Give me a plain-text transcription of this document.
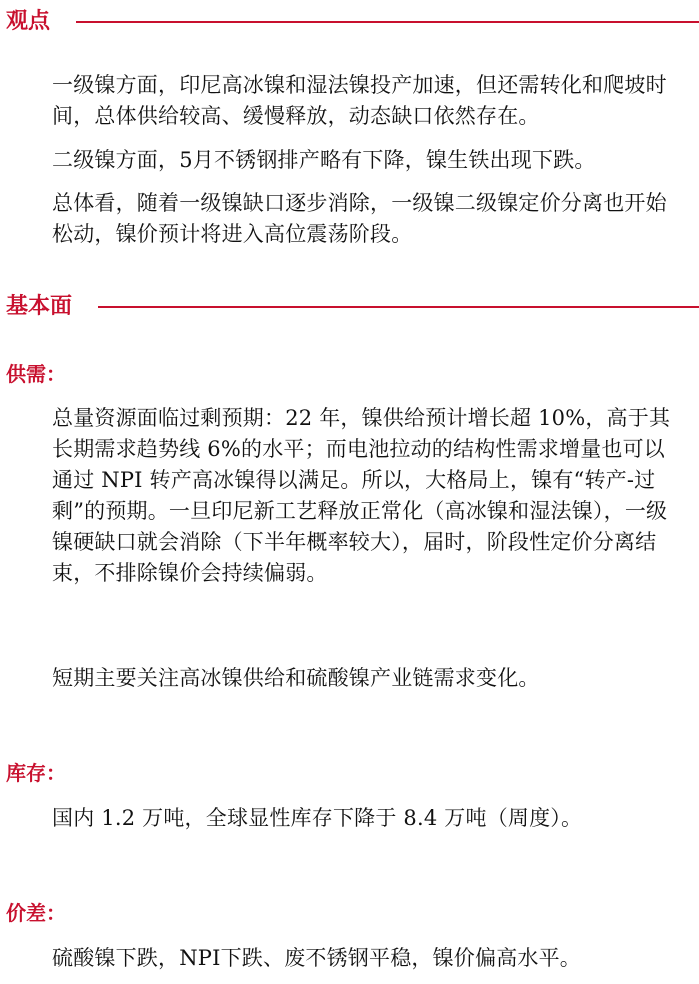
观点

一级镍方面，印尼高冰镍和湿法镍投产加速，但还需转化和爬坡时间，总体供给较高、缓慢释放，动态缺口依然存在。

二级镍方面，5月不锈钢排产略有下降，镍生铁出现下跌。

总体看，随着一级镍缺口逐步消除，一级镍二级镍定价分离也开始松动，镍价预计将进入高位震荡阶段。

基本面
供需：

总量资源面临过剩预期：22 年，镍供给预计增长超 10%，高于其长期需求趋势线 6%的水平；而电池拉动的结构性需求增量也可以通过 NPI 转产高冰镍得以满足。所以，大格局上，镍有“转产-过剩”的预期。一旦印尼新工艺释放正常化（高冰镍和湿法镍），一级镍硬缺口就会消除（下半年概率较大），届时，阶段性定价分离结束，不排除镍价会持续偏弱。

短期主要关注高冰镍供给和硫酸镍产业链需求变化。

库存：

国内 1.2 万吨，全球显性库存下降于 8.4 万吨（周度）。

价差：

硫酸镍下跌，NPI下跌、废不锈钢平稳，镍价偏高水平。
